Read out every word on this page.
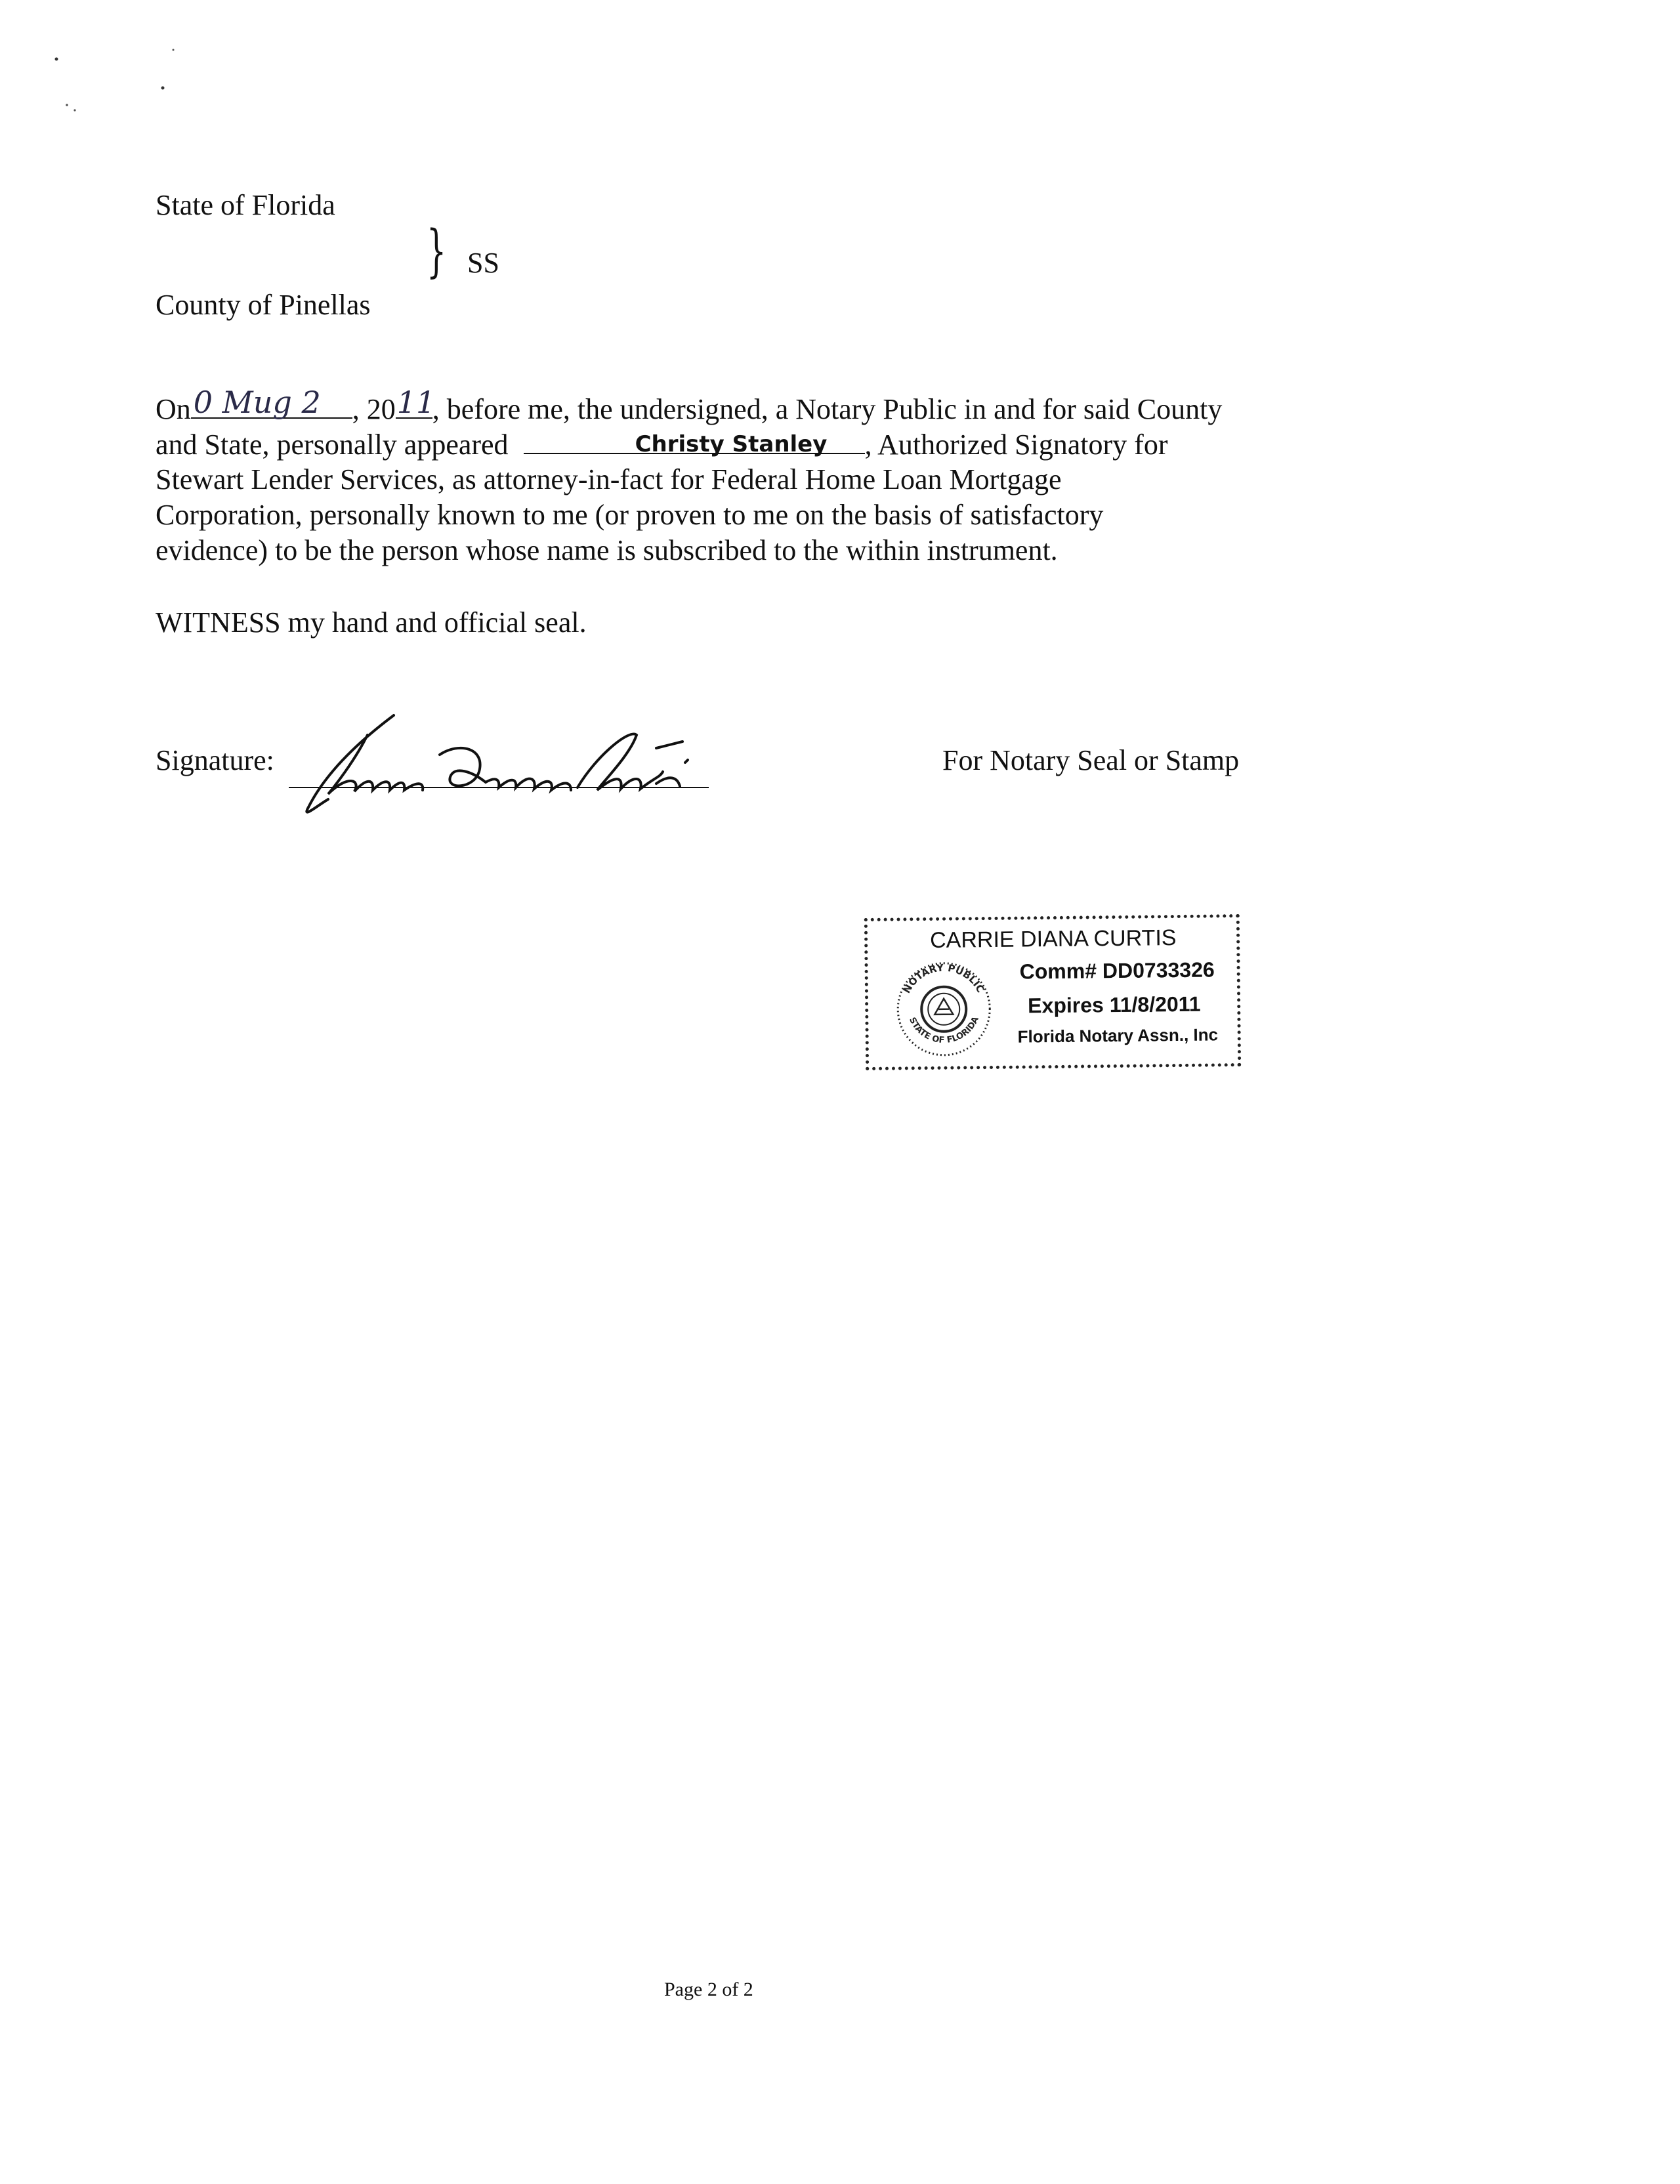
State of Florida
} SS
County of Pinellas
On 0 Mug 2 , 20 11
, before me, the undersigned, a Notary Public in and for said County
and State, personally appeared	Christy Stanley , Authorized Signatory for
Stewart Lender Services, as attorney-in-fact for Federal Home Loan Mortgage
Corporation, personally known to me (or proven to me on the basis of satisfactory
evidence) to be the person whose name is subscribed to the within instrument.
WITNESS my hand and official seal.
Signature:	For Notary Seal or Stamp
NOTARY PUBLIC
STATE OF FLORIDA
CARRIE DIANA CURTIS
Comm# DD0733326
Expires 11/8/2011
Florida Notary Assn., Inc
Page 2 of 2
